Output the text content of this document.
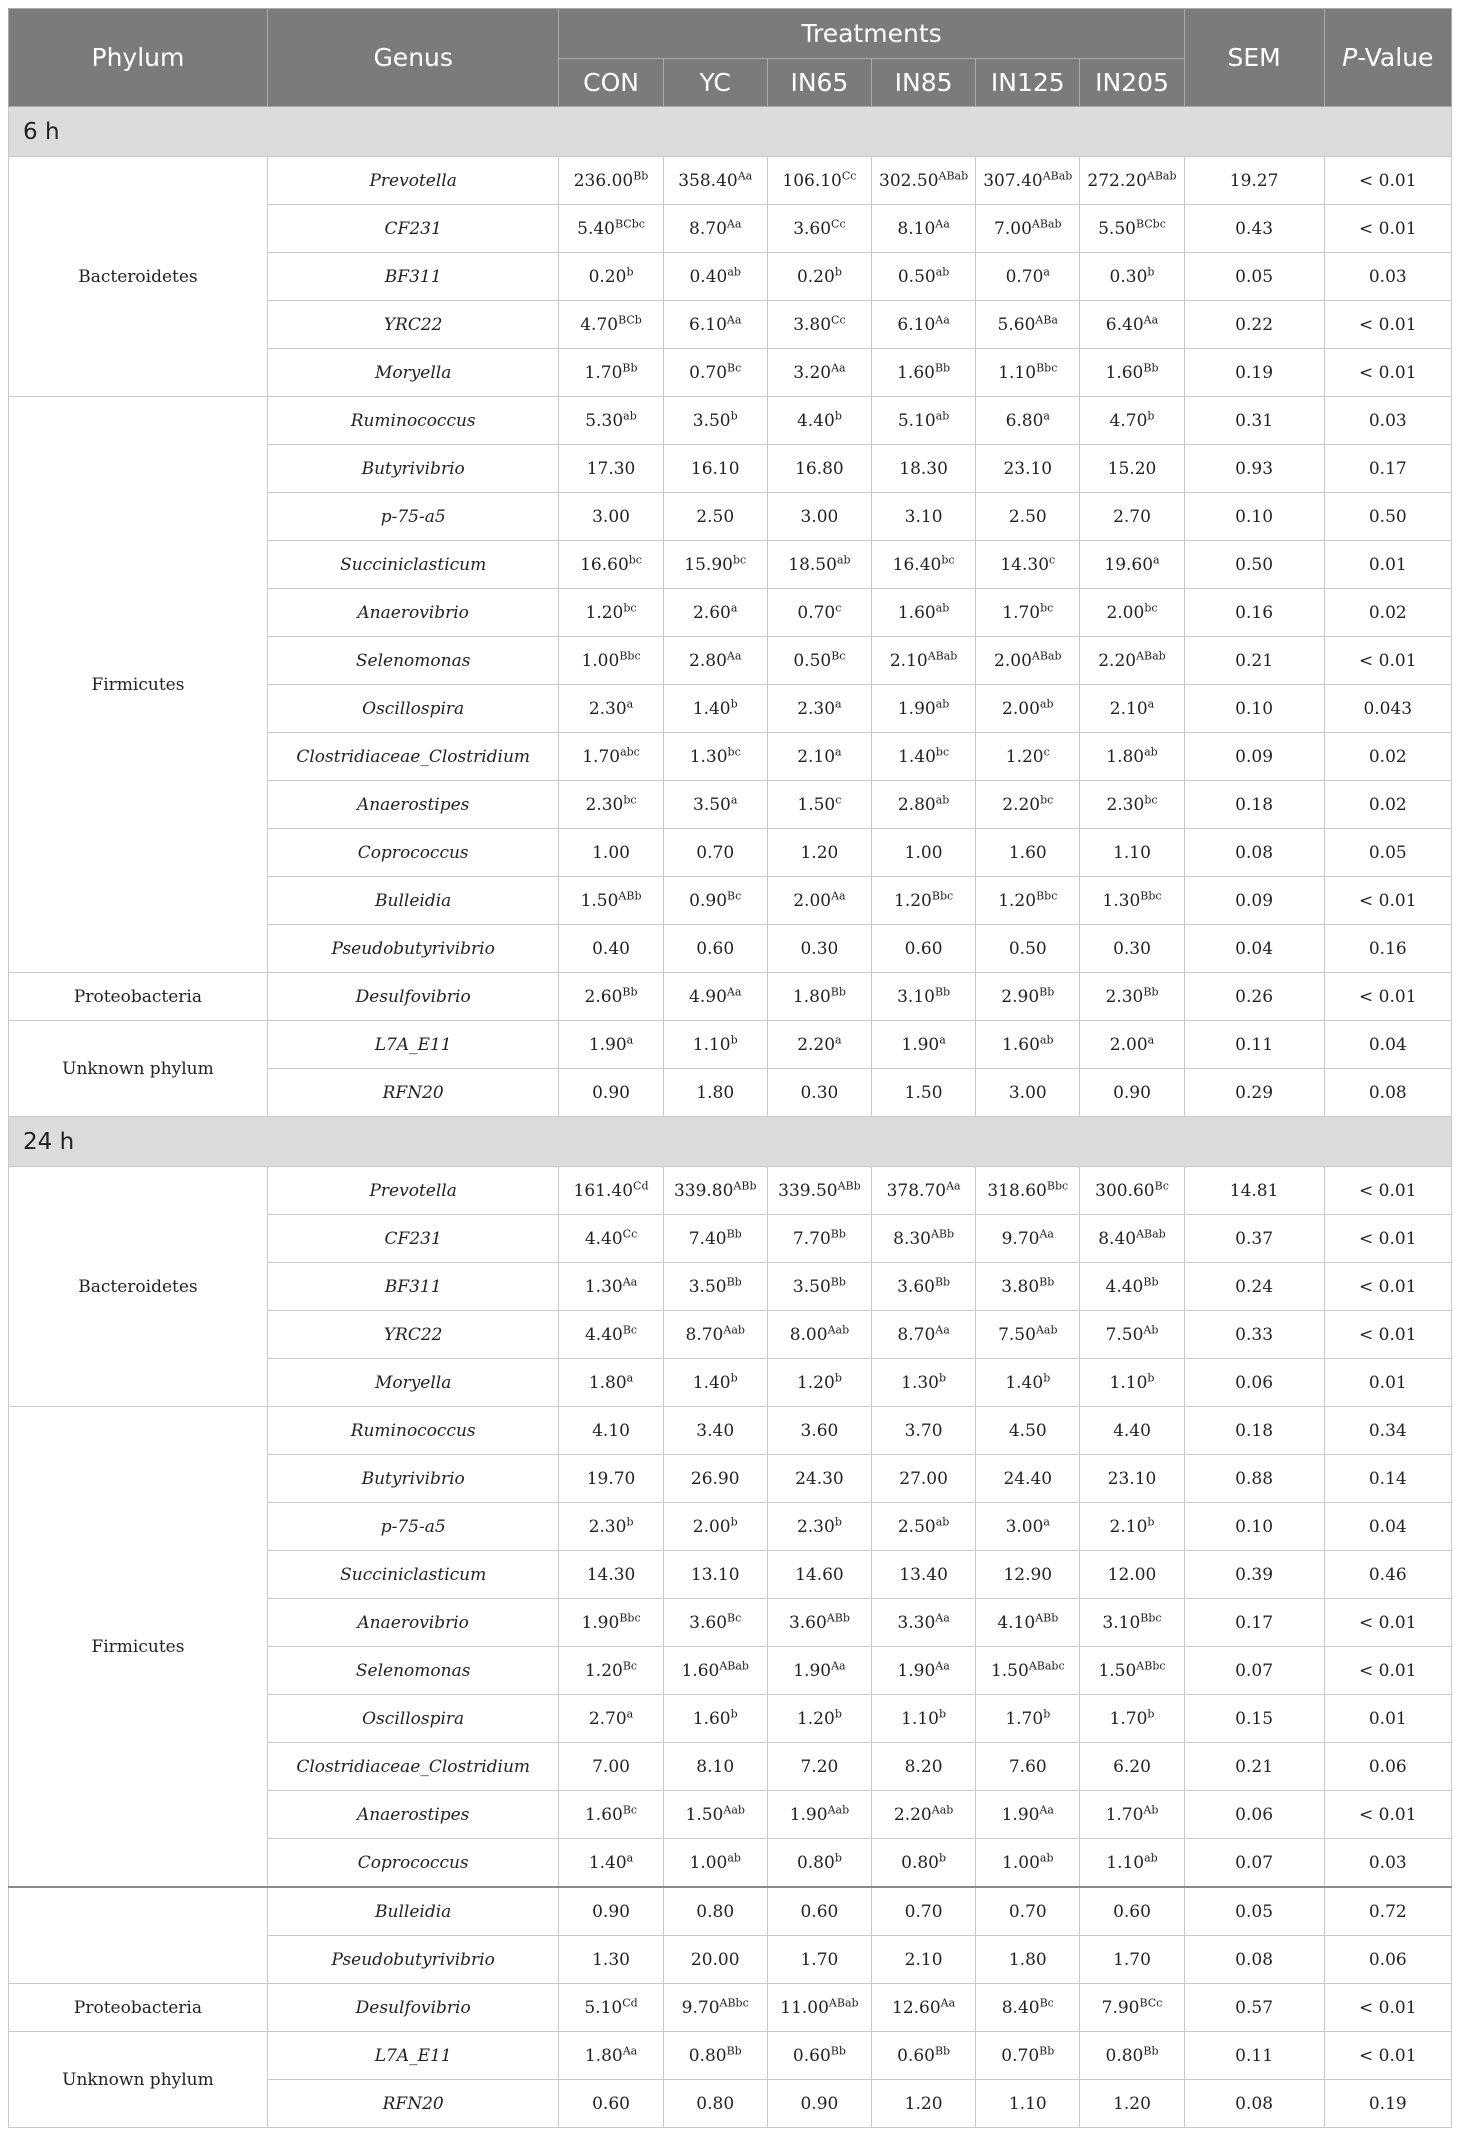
Phylum	Genus	Treatments						SEM	P-Value
		CON	YC	IN65	IN85	IN125	IN205		
6 h									
Bacteroidetes	Prevotella	$236.00^{Bb}$	$358.40^{Aa}$	$106.10^{Cc}$	$302.50^{ABab}$	$307.40^{ABab}$	$272.20^{ABab}$	19.27	< 0.01
	CF231	$5.40^{BCbc}$	$8.70^{Aa}$	$3.60^{Cc}$	$8.10^{Aa}$	$7.00^{ABab}$	$5.50^{BCbc}$	0.43	< 0.01
	BF311	0.20$^b$	0.40$^{ab}$	0.20$^b$	0.50$^{ab}$	0.70$^a$	0.30$^b$	0.05	0.03
	YRC22	$4.70^{BCb}$	$6.10^{Aa}$	$3.80^{Cc}$	$6.10^{Aa}$	$5.60^{ABa}$	$6.40^{Aa}$	0.22	< 0.01
	Moryella	$1.70^{Bb}$	$0.70^{Bc}$	$3.20^{Aa}$	$1.60^{Bb}$	$1.10^{Bbc}$	$1.60^{Bb}$	0.19	< 0.01
Firmicutes	Ruminococcus	5.30$^{ab}$	3.50$^b$	4.40$^b$	5.10$^{ab}$	6.80$^a$	4.70$^b$	0.31	0.03
	Butyrivibrio	17.30	16.10	16.80	18.30	23.10	15.20	0.93	0.17
	p-75-a5	3.00	2.50	3.00	3.10	2.50	2.70	0.10	0.50
	Succiniclasticum	16.60$^{bc}$	15.90$^{bc}$	18.50$^{ab}$	16.40$^{bc}$	14.30$^c$	19.60$^a$	0.50	0.01
	Anaerovibrio	1.20$^{bc}$	2.60$^a$	0.70$^c$	1.60$^{ab}$	1.70$^{bc}$	2.00$^{bc}$	0.16	0.02
	Selenomonas	$1.00^{Bbc}$	$2.80^{Aa}$	$0.50^{Bc}$	$2.10^{ABab}$	$2.00^{ABab}$	$2.20^{ABab}$	0.21	< 0.01
	Oscillospira	2.30$^a$	1.40$^b$	2.30$^a$	1.90$^{ab}$	2.00$^{ab}$	2.10$^a$	0.10	0.043
	Clostridiaceae_Clostridium	1.70$^{abc}$	1.30$^{bc}$	2.10$^a$	1.40$^{bc}$	1.20$^c$	1.80$^{ab}$	0.09	0.02
	Anaerostipes	2.30$^{bc}$	3.50$^a$	1.50$^c$	2.80$^{ab}$	2.20$^{bc}$	2.30$^{bc}$	0.18	0.02
	Coprococcus	1.00	0.70	1.20	1.00	1.60	1.10	0.08	0.05
	Bulleidia	$1.50^{ABb}$	$0.90^{Bc}$	$2.00^{Aa}$	$1.20^{Bbc}$	$1.20^{Bbc}$	$1.30^{Bbc}$	0.09	< 0.01
	Pseudobutyrivibrio	0.40	0.60	0.30	0.60	0.50	0.30	0.04	0.16
Proteobacteria	Desulfovibrio	$2.60^{Bb}$	$4.90^{Aa}$	$1.80^{Bb}$	$3.10^{Bb}$	$2.90^{Bb}$	$2.30^{Bb}$	0.26	< 0.01
Unknown phylum	L7A_E11	1.90$^a$	1.10$^b$	2.20$^a$	1.90$^a$	1.60$^{ab}$	2.00$^a$	0.11	0.04
	RFN20	0.90	1.80	0.30	1.50	3.00	0.90	0.29	0.08
24 h									
Bacteroidetes	Prevotella	$161.40^{Cd}$	$339.80^{ABb}$	$339.50^{ABb}$	$378.70^{Aa}$	$318.60^{Bbc}$	$300.60^{Bc}$	14.81	< 0.01
	CF231	$4.40^{Cc}$	$7.40^{Bb}$	$7.70^{Bb}$	$8.30^{ABb}$	$9.70^{Aa}$	$8.40^{ABab}$	0.37	< 0.01
	BF311	$1.30^{Aa}$	$3.50^{Bb}$	$3.50^{Bb}$	$3.60^{Bb}$	$3.80^{Bb}$	$4.40^{Bb}$	0.24	< 0.01
	YRC22	$4.40^{Bc}$	$8.70^{Aab}$	$8.00^{Aab}$	$8.70^{Aa}$	$7.50^{Aab}$	$7.50^{Ab}$	0.33	< 0.01
	Moryella	1.80$^a$	1.40$^b$	1.20$^b$	1.30$^b$	1.40$^b$	1.10$^b$	0.06	0.01
Firmicutes	Ruminococcus	4.10	3.40	3.60	3.70	4.50	4.40	0.18	0.34
	Butyrivibrio	19.70	26.90	24.30	27.00	24.40	23.10	0.88	0.14
	p-75-a5	2.30$^b$	2.00$^b$	2.30$^b$	2.50$^{ab}$	3.00$^a$	2.10$^b$	0.10	0.04
	Succiniclasticum	14.30	13.10	14.60	13.40	12.90	12.00	0.39	0.46
	Anaerovibrio	$1.90^{Bbc}$	$3.60^{Bc}$	$3.60^{ABb}$	$3.30^{Aa}$	$4.10^{ABb}$	$3.10^{Bbc}$	0.17	< 0.01
	Selenomonas	$1.20^{Bc}$	$1.60^{ABab}$	$1.90^{Aa}$	$1.90^{Aa}$	$1.50^{ABabc}$	$1.50^{ABbc}$	0.07	< 0.01
	Oscillospira	2.70$^a$	1.60$^b$	1.20$^b$	1.10$^b$	1.70$^b$	1.70$^b$	0.15	0.01
	Clostridiaceae_Clostridium	7.00	8.10	7.20	8.20	7.60	6.20	0.21	0.06
	Anaerostipes	$1.60^{Bc}$	$1.50^{Aab}$	$1.90^{Aab}$	$2.20^{Aab}$	$1.90^{Aa}$	$1.70^{Ab}$	0.06	< 0.01
	Coprococcus	1.40$^a$	1.00$^{ab}$	0.80$^b$	0.80$^b$	1.00$^{ab}$	1.10$^{ab}$	0.07	0.03
	Bulleidia	0.90	0.80	0.60	0.70	0.70	0.60	0.05	0.72
	Pseudobutyrivibrio	1.30	20.00	1.70	2.10	1.80	1.70	0.08	0.06
Proteobacteria	Desulfovibrio	$5.10^{Cd}$	$9.70^{ABbc}$	$11.00^{ABab}$	$12.60^{Aa}$	$8.40^{Bc}$	$7.90^{BCc}$	0.57	< 0.01
Unknown phylum	L7A_E11	$1.80^{Aa}$	$0.80^{Bb}$	$0.60^{Bb}$	$0.60^{Bb}$	$0.70^{Bb}$	$0.80^{Bb}$	0.11	< 0.01
	RFN20	0.60	0.80	0.90	1.20	1.10	1.20	0.08	0.19
